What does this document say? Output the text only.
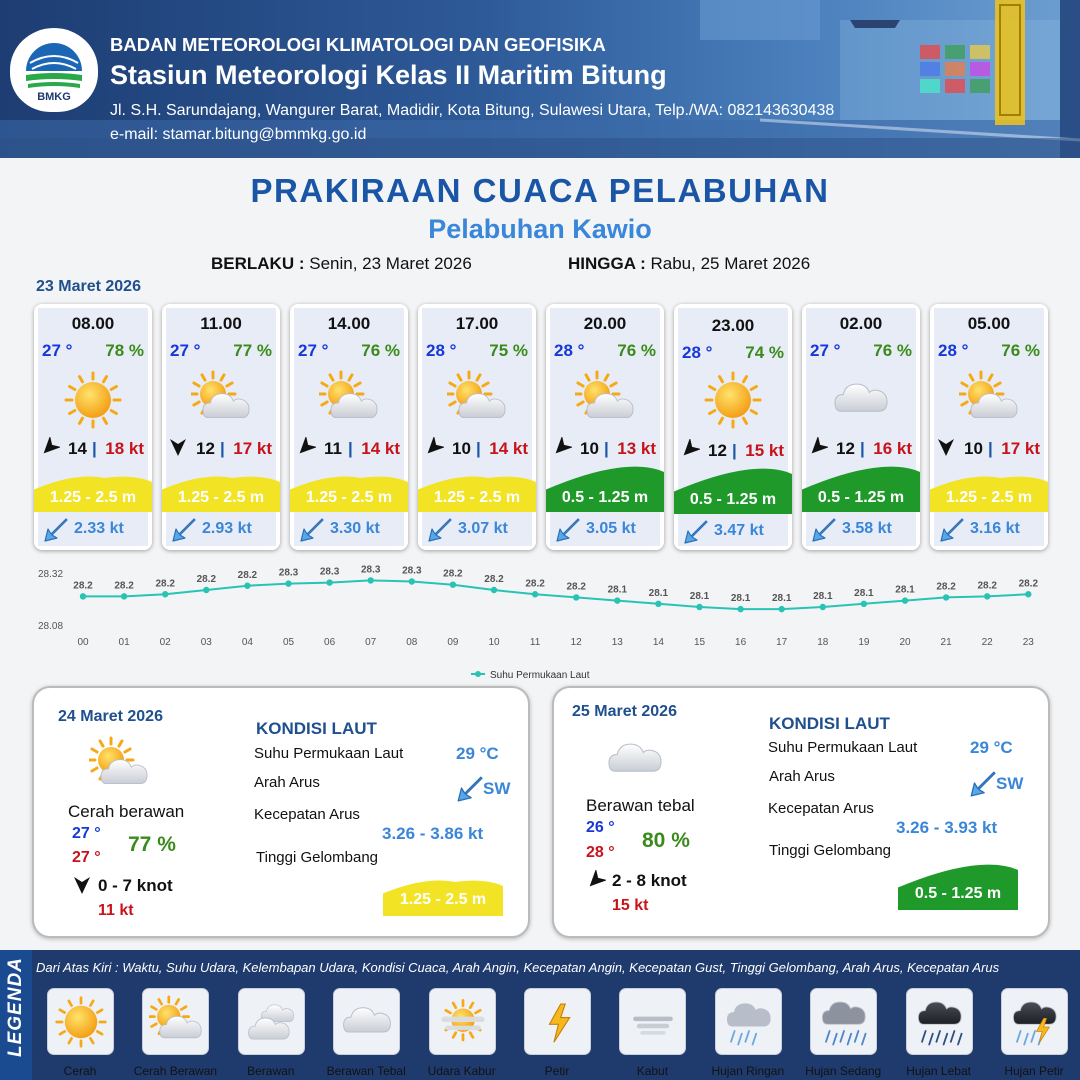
BMKG
BADAN METEOROLOGI KLIMATOLOGI DAN GEOFISIKA
Stasiun Meteorologi Kelas II Maritim Bitung
Jl. S.H. Sarundajang, Wangurer Barat, Madidir, Kota Bitung, Sulawesi Utara, Telp./WA: 082143630438
e-mail: stamar.bitung@bmmkg.go.id
PRAKIRAAN CUACA PELABUHAN
Pelabuhan Kawio
BERLAKU : Senin, 23 Maret 2026	HINGGA : Rabu, 25 Maret 2026
23 Maret 2026
08.00
27 ° 78 %
14 | 18 kt
1.25 - 2.5 m
2.33 kt
11.00
27 ° 77 %
12 | 17 kt
1.25 - 2.5 m
2.93 kt
14.00
27 ° 76 %
11 | 14 kt
1.25 - 2.5 m
3.30 kt
17.00
28 ° 75 %
10 | 14 kt
1.25 - 2.5 m
3.07 kt
20.00
28 ° 76 %
10 | 13 kt
0.5 - 1.25 m
3.05 kt
23.00
28 ° 74 %
12 | 15 kt
0.5 - 1.25 m
3.47 kt
02.00
27 ° 76 %
12 | 16 kt
0.5 - 1.25 m
3.58 kt
05.00
28 ° 76 %
10 | 17 kt
1.25 - 2.5 m
3.16 kt
28.32
28.08
28.2
00
28.2
01
28.2
02
28.2
03
28.2
04
28.3
05
28.3
06
28.3
07
28.3
08
28.2
09
28.2
10
28.2
11
28.2
12
28.1
13
28.1
14
28.1
15
28.1
16
28.1
17
28.1
18
28.1
19
28.1
20
28.2
21
28.2
22
28.2
23
Suhu Permukaan Laut
24 Maret 2026
Cerah berawan
27 °
27 °
77 %
0 - 7 knot
11 kt
KONDISI LAUT
Suhu Permukaan Laut	29 °C
Arah Arus	SW
Kecepatan Arus
3.26 - 3.86 kt
Tinggi Gelombang
1.25 - 2.5 m
25 Maret 2026
Berawan tebal
26 °
28 °
80 %
2 - 8 knot
15 kt
KONDISI LAUT
Suhu Permukaan Laut	29 °C
Arah Arus	SW
Kecepatan Arus
3.26 - 3.93 kt
Tinggi Gelombang
0.5 - 1.25 m
LEGENDA Dari Atas Kiri : Waktu, Suhu Udara, Kelembapan Udara, Kondisi Cuaca, Arah Angin, Kecepatan Angin, Kecepatan Gust, Tinggi Gelombang, Arah Arus, Kecepatan Arus
Cerah	Cerah Berawan	Berawan	Berawan Tebal	Udara Kabur	Petir	Kabut	Hujan Ringan	Hujan Sedang	Hujan Lebat	Hujan Petir
